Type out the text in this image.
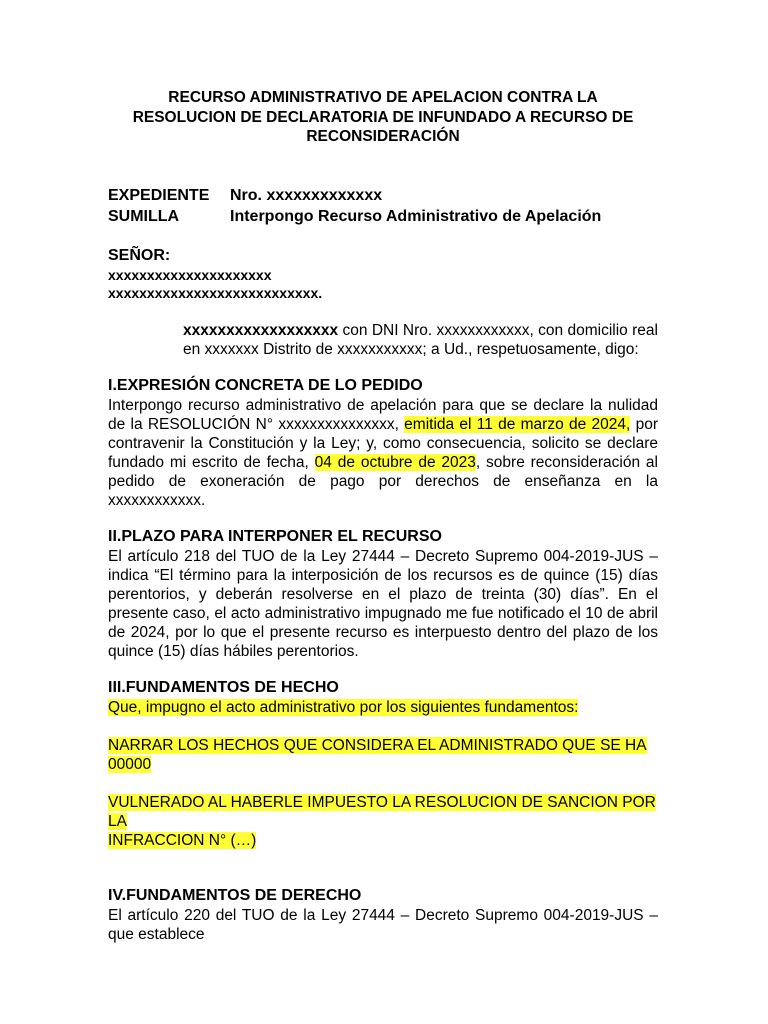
RECURSO ADMINISTRATIVO DE APELACION CONTRA LA
RESOLUCION DE DECLARATORIA DE INFUNDADO A RECURSO DE
RECONSIDERACIÓN
EXPEDIENTE	Nro. xxxxxxxxxxxxx
SUMILLA	Interpongo Recurso Administrativo de Apelación
SEÑOR:
xxxxxxxxxxxxxxxxxxxxx
xxxxxxxxxxxxxxxxxxxxxxxxxxx.

xxxxxxxxxxxxxxxxxx con DNI Nro. xxxxxxxxxxxx, con domicilio real en xxxxxxx Distrito de xxxxxxxxxxx; a Ud., respetuosamente, digo:

I.EXPRESIÓN CONCRETA DE LO PEDIDO

Interpongo recurso administrativo de apelación para que se declare la nulidad de la RESOLUCIÓN N° xxxxxxxxxxxxxxx, emitida el 11 de marzo de 2024, por contravenir la Constitución y la Ley; y, como consecuencia, solicito se declare fundado mi escrito de fecha, 04 de octubre de 2023, sobre reconsideración al pedido de exoneración de pago por derechos de enseñanza en la xxxxxxxxxxxx.

II.PLAZO PARA INTERPONER EL RECURSO

El artículo 218 del TUO de la Ley 27444 – Decreto Supremo 004-2019-JUS – indica “El término para la interposición de los recursos es de quince (15) días perentorios, y deberán resolverse en el plazo de treinta (30) días”. En el presente caso, el acto administrativo impugnado me fue notificado el 10 de abril de 2024, por lo que el presente recurso es interpuesto dentro del plazo de los quince (15) días hábiles perentorios.

III.FUNDAMENTOS DE HECHO

Que, impugno el acto administrativo por los siguientes fundamentos:

NARRAR LOS HECHOS QUE CONSIDERA EL ADMINISTRADO QUE SE HA 00000

VULNERADO AL HABERLE IMPUESTO LA RESOLUCION DE SANCION POR LA
INFRACCION N° (…)

IV.FUNDAMENTOS DE DERECHO

El artículo 220 del TUO de la Ley 27444 – Decreto Supremo 004-2019-JUS – que establece
